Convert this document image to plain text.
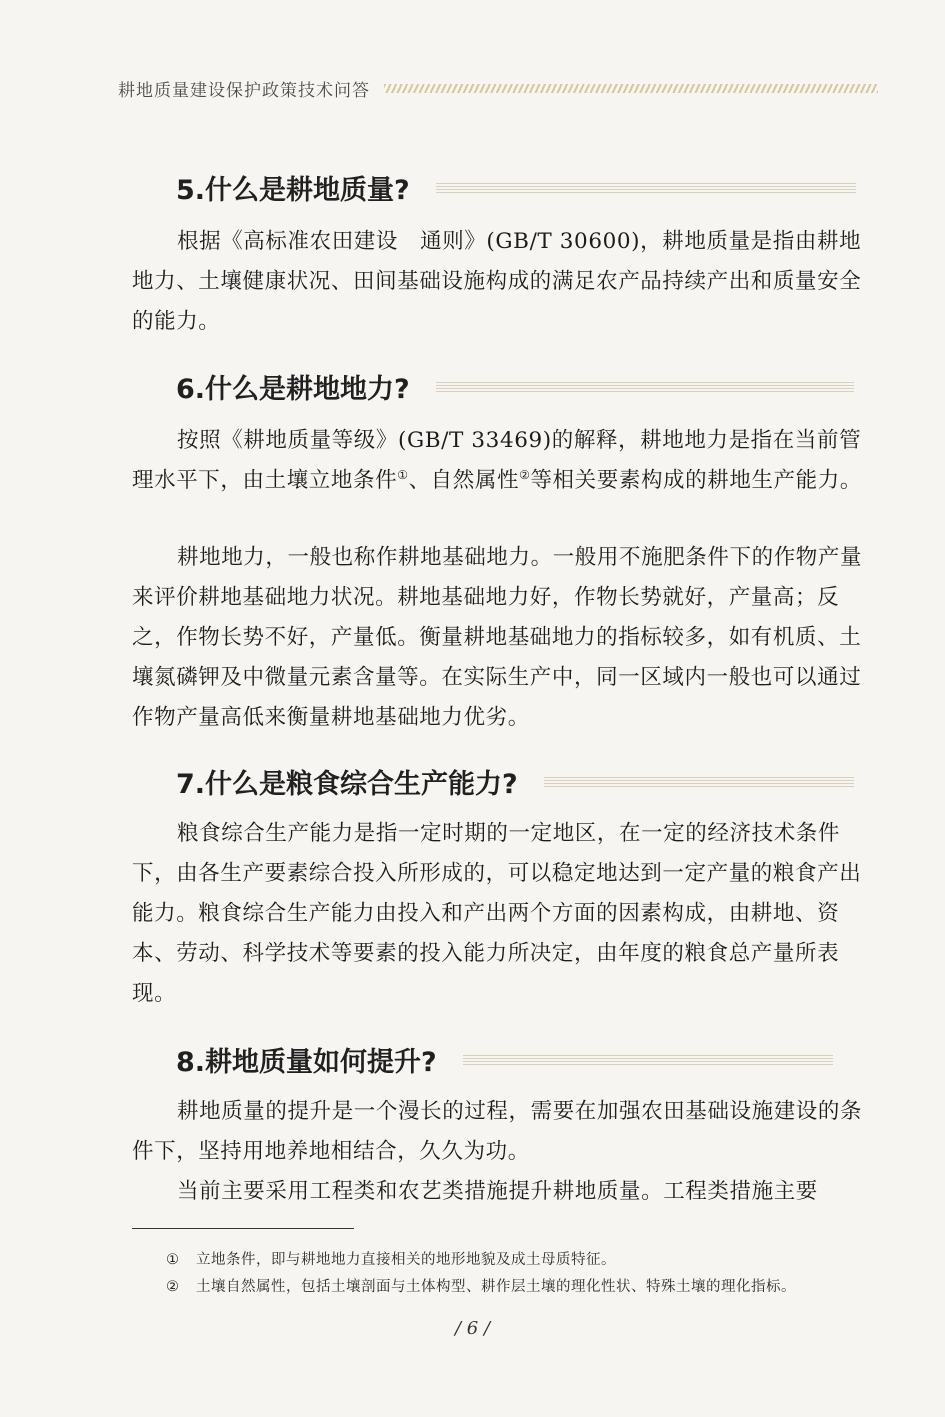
耕地质量建设保护政策技术问答
5.什么是耕地质量?

根据《高标准农田建设　通则》(GB/T 30600)，耕地质量是指由耕地地力、土壤健康状况、田间基础设施构成的满足农产品持续产出和质量安全的能力。

6.什么是耕地地力?

按照《耕地质量等级》(GB/T 33469)的解释，耕地地力是指在当前管理水平下，由土壤立地条件①、自然属性②等相关要素构成的耕地生产能力。

耕地地力，一般也称作耕地基础地力。一般用不施肥条件下的作物产量来评价耕地基础地力状况。耕地基础地力好，作物长势就好，产量高；反之，作物长势不好，产量低。衡量耕地基础地力的指标较多，如有机质、土壤氮磷钾及中微量元素含量等。在实际生产中，同一区域内一般也可以通过作物产量高低来衡量耕地基础地力优劣。

7.什么是粮食综合生产能力?

粮食综合生产能力是指一定时期的一定地区，在一定的经济技术条件下，由各生产要素综合投入所形成的，可以稳定地达到一定产量的粮食产出能力。粮食综合生产能力由投入和产出两个方面的因素构成，由耕地、资本、劳动、科学技术等要素的投入能力所决定，由年度的粮食总产量所表现。

8.耕地质量如何提升?

耕地质量的提升是一个漫长的过程，需要在加强农田基础设施建设的条件下，坚持用地养地相结合，久久为功。

当前主要采用工程类和农艺类措施提升耕地质量。工程类措施主要

① 立地条件，即与耕地地力直接相关的地形地貌及成土母质特征。
② 土壤自然属性，包括土壤剖面与土体构型、耕作层土壤的理化性状、特殊土壤的理化指标。
/ 6 /
